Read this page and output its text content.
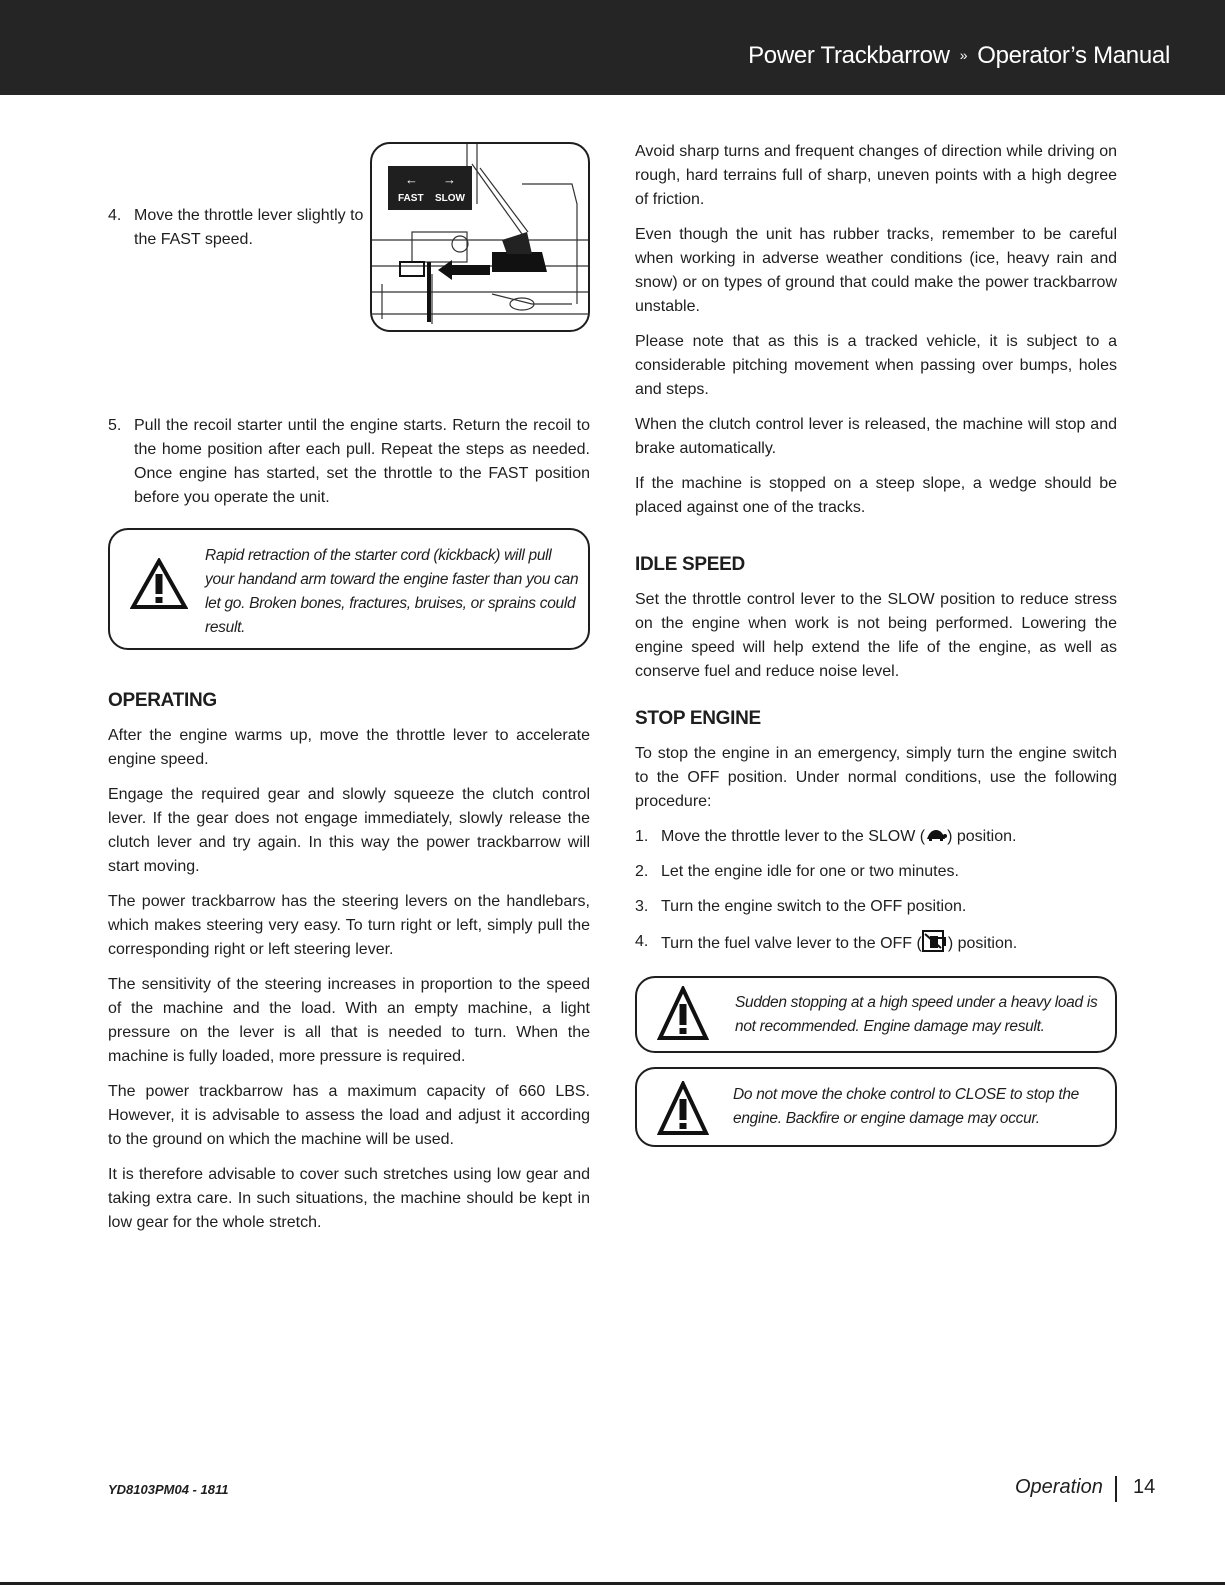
Power Trackbarrow » Operator’s Manual
← →
FAST SLOW
4. Move the throttle lever slightly to the FAST speed.
5. Pull the recoil starter until the engine starts. Return the recoil to the home position after each pull. Repeat the steps as needed. Once engine has started, set the throttle to the FAST position before you operate the unit.
Rapid retraction of the starter cord (kickback) will pull your handand arm toward the engine faster than you can let go. Broken bones, fractures, bruises, or sprains could result.
OPERATING

After the engine warms up, move the throttle lever to accelerate engine speed.

Engage the required gear and slowly squeeze the clutch control lever. If the gear does not engage immediately, slowly release the clutch lever and try again. In this way the power trackbarrow will start moving.

The power trackbarrow has the steering levers on the handlebars, which makes steering very easy. To turn right or left, simply pull the corresponding right or left steering lever.

The sensitivity of the steering increases in proportion to the speed of the machine and the load. With an empty machine, a light pressure on the lever is all that is needed to turn. When the machine is fully loaded, more pressure is required.

The power trackbarrow has a maximum capacity of 660 LBS. However, it is advisable to assess the load and adjust it according to the ground on which the machine will be used.

It is therefore advisable to cover such stretches using low gear and taking extra care. In such situations, the machine should be kept in low gear for the whole stretch.

Avoid sharp turns and frequent changes of direction while driving on rough, hard terrains full of sharp, uneven points with a high degree of friction.

Even though the unit has rubber tracks, remember to be careful when working in adverse weather conditions (ice, heavy rain and snow) or on types of ground that could make the power trackbarrow unstable.

Please note that as this is a tracked vehicle, it is subject to a considerable pitching movement when passing over bumps, holes and steps.

When the clutch control lever is released, the machine will stop and brake automatically.

If the machine is stopped on a steep slope, a wedge should be placed against one of the tracks.

IDLE SPEED

Set the throttle control lever to the SLOW position to reduce stress on the engine when work is not being performed. Lowering the engine speed will help extend the life of the engine, as well as conserve fuel and reduce noise level.

STOP ENGINE

To stop the engine in an emergency, simply turn the engine switch to the OFF position. Under normal conditions, use the following procedure:

1. Move the throttle lever to the SLOW ( ) position.
2. Let the engine idle for one or two minutes.
3. Turn the engine switch to the OFF position.
4. Turn the fuel valve lever to the OFF ( ) position.
Sudden stopping at a high speed under a heavy load is not recommended. Engine damage may result.
Do not move the choke control to CLOSE to stop the engine. Backfire or engine damage may occur.
YD8103PM04 - 1811	Operation 14
